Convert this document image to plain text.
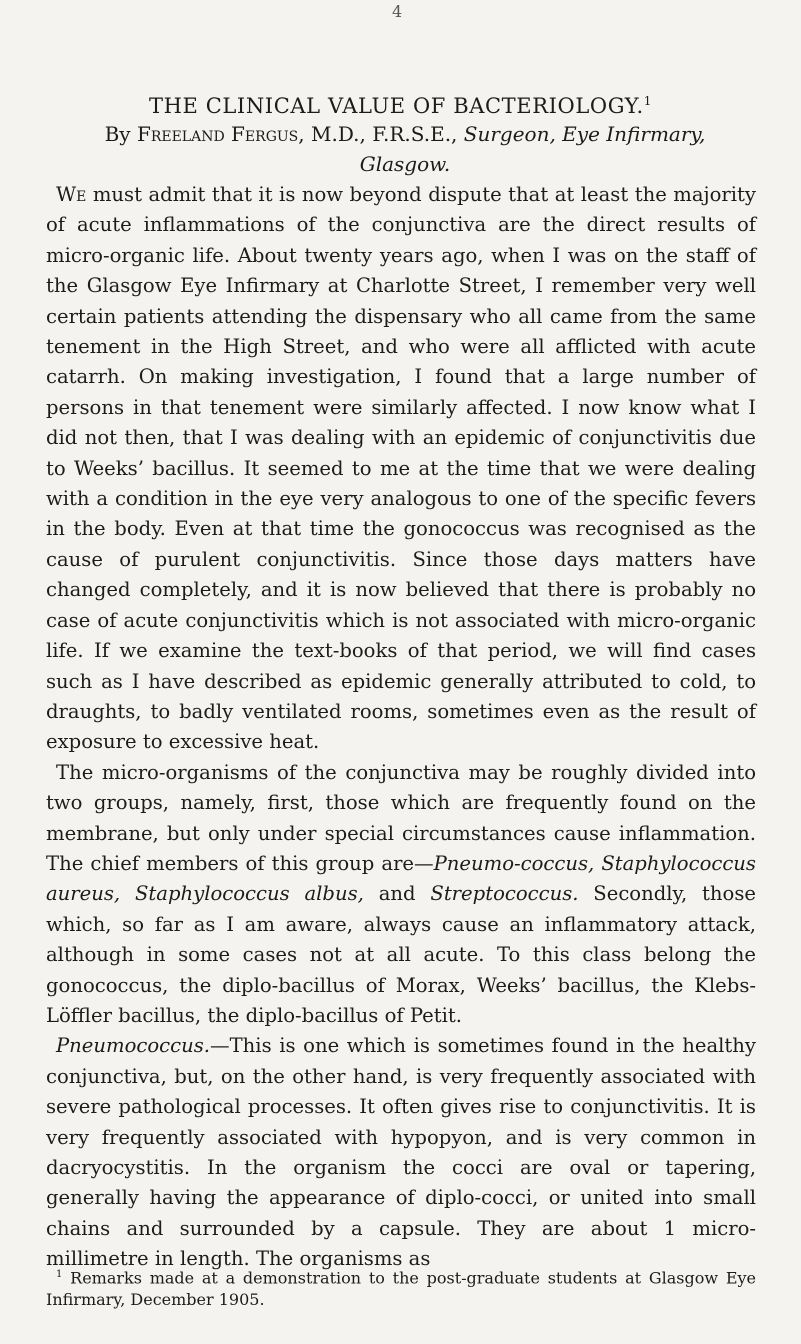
4
THE CLINICAL VALUE OF BACTERIOLOGY.$^1$
By Freeland Fergus, M.D., F.R.S.E., Surgeon, Eye Infirmary, Glasgow.

We must admit that it is now beyond dispute that at least the majority of acute inflammations of the conjunctiva are the direct results of micro-organic life. About twenty years ago, when I was on the staff of the Glasgow Eye Infirmary at Charlotte Street, I remember very well certain patients attending the dispensary who all came from the same tenement in the High Street, and who were all afflicted with acute catarrh. On making investigation, I found that a large number of persons in that tenement were similarly affected. I now know what I did not then, that I was dealing with an epidemic of conjunctivitis due to Weeks’ bacillus. It seemed to me at the time that we were dealing with a condition in the eye very analogous to one of the specific fevers in the body. Even at that time the gonococcus was recognised as the cause of purulent conjunctivitis. Since those days matters have changed completely, and it is now believed that there is probably no case of acute conjunctivitis which is not associated with micro-organic life. If we examine the text-books of that period, we will find cases such as I have described as epidemic generally attributed to cold, to draughts, to badly ventilated rooms, sometimes even as the result of exposure to excessive heat.

The micro-organisms of the conjunctiva may be roughly divided into two groups, namely, first, those which are frequently found on the membrane, but only under special circumstances cause inflammation. The chief members of this group are—Pneumo-coccus, Staphylococcus aureus, Staphylococcus albus, and Streptococcus. Secondly, those which, so far as I am aware, always cause an inflammatory attack, although in some cases not at all acute. To this class belong the gonococcus, the diplo-bacillus of Morax, Weeks’ bacillus, the Klebs-Löffler bacillus, the diplo-bacillus of Petit.

Pneumococcus.—This is one which is sometimes found in the healthy conjunctiva, but, on the other hand, is very frequently associated with severe pathological processes. It often gives rise to conjunctivitis. It is very frequently associated with hypopyon, and is very common in dacryocystitis. In the organism the cocci are oval or tapering, generally having the appearance of diplo-cocci, or united into small chains and surrounded by a capsule. They are about 1 micro-millimetre in length. The organisms as

$^1$ Remarks made at a demonstration to the post-graduate students at Glasgow Eye Infirmary, December 1905.
